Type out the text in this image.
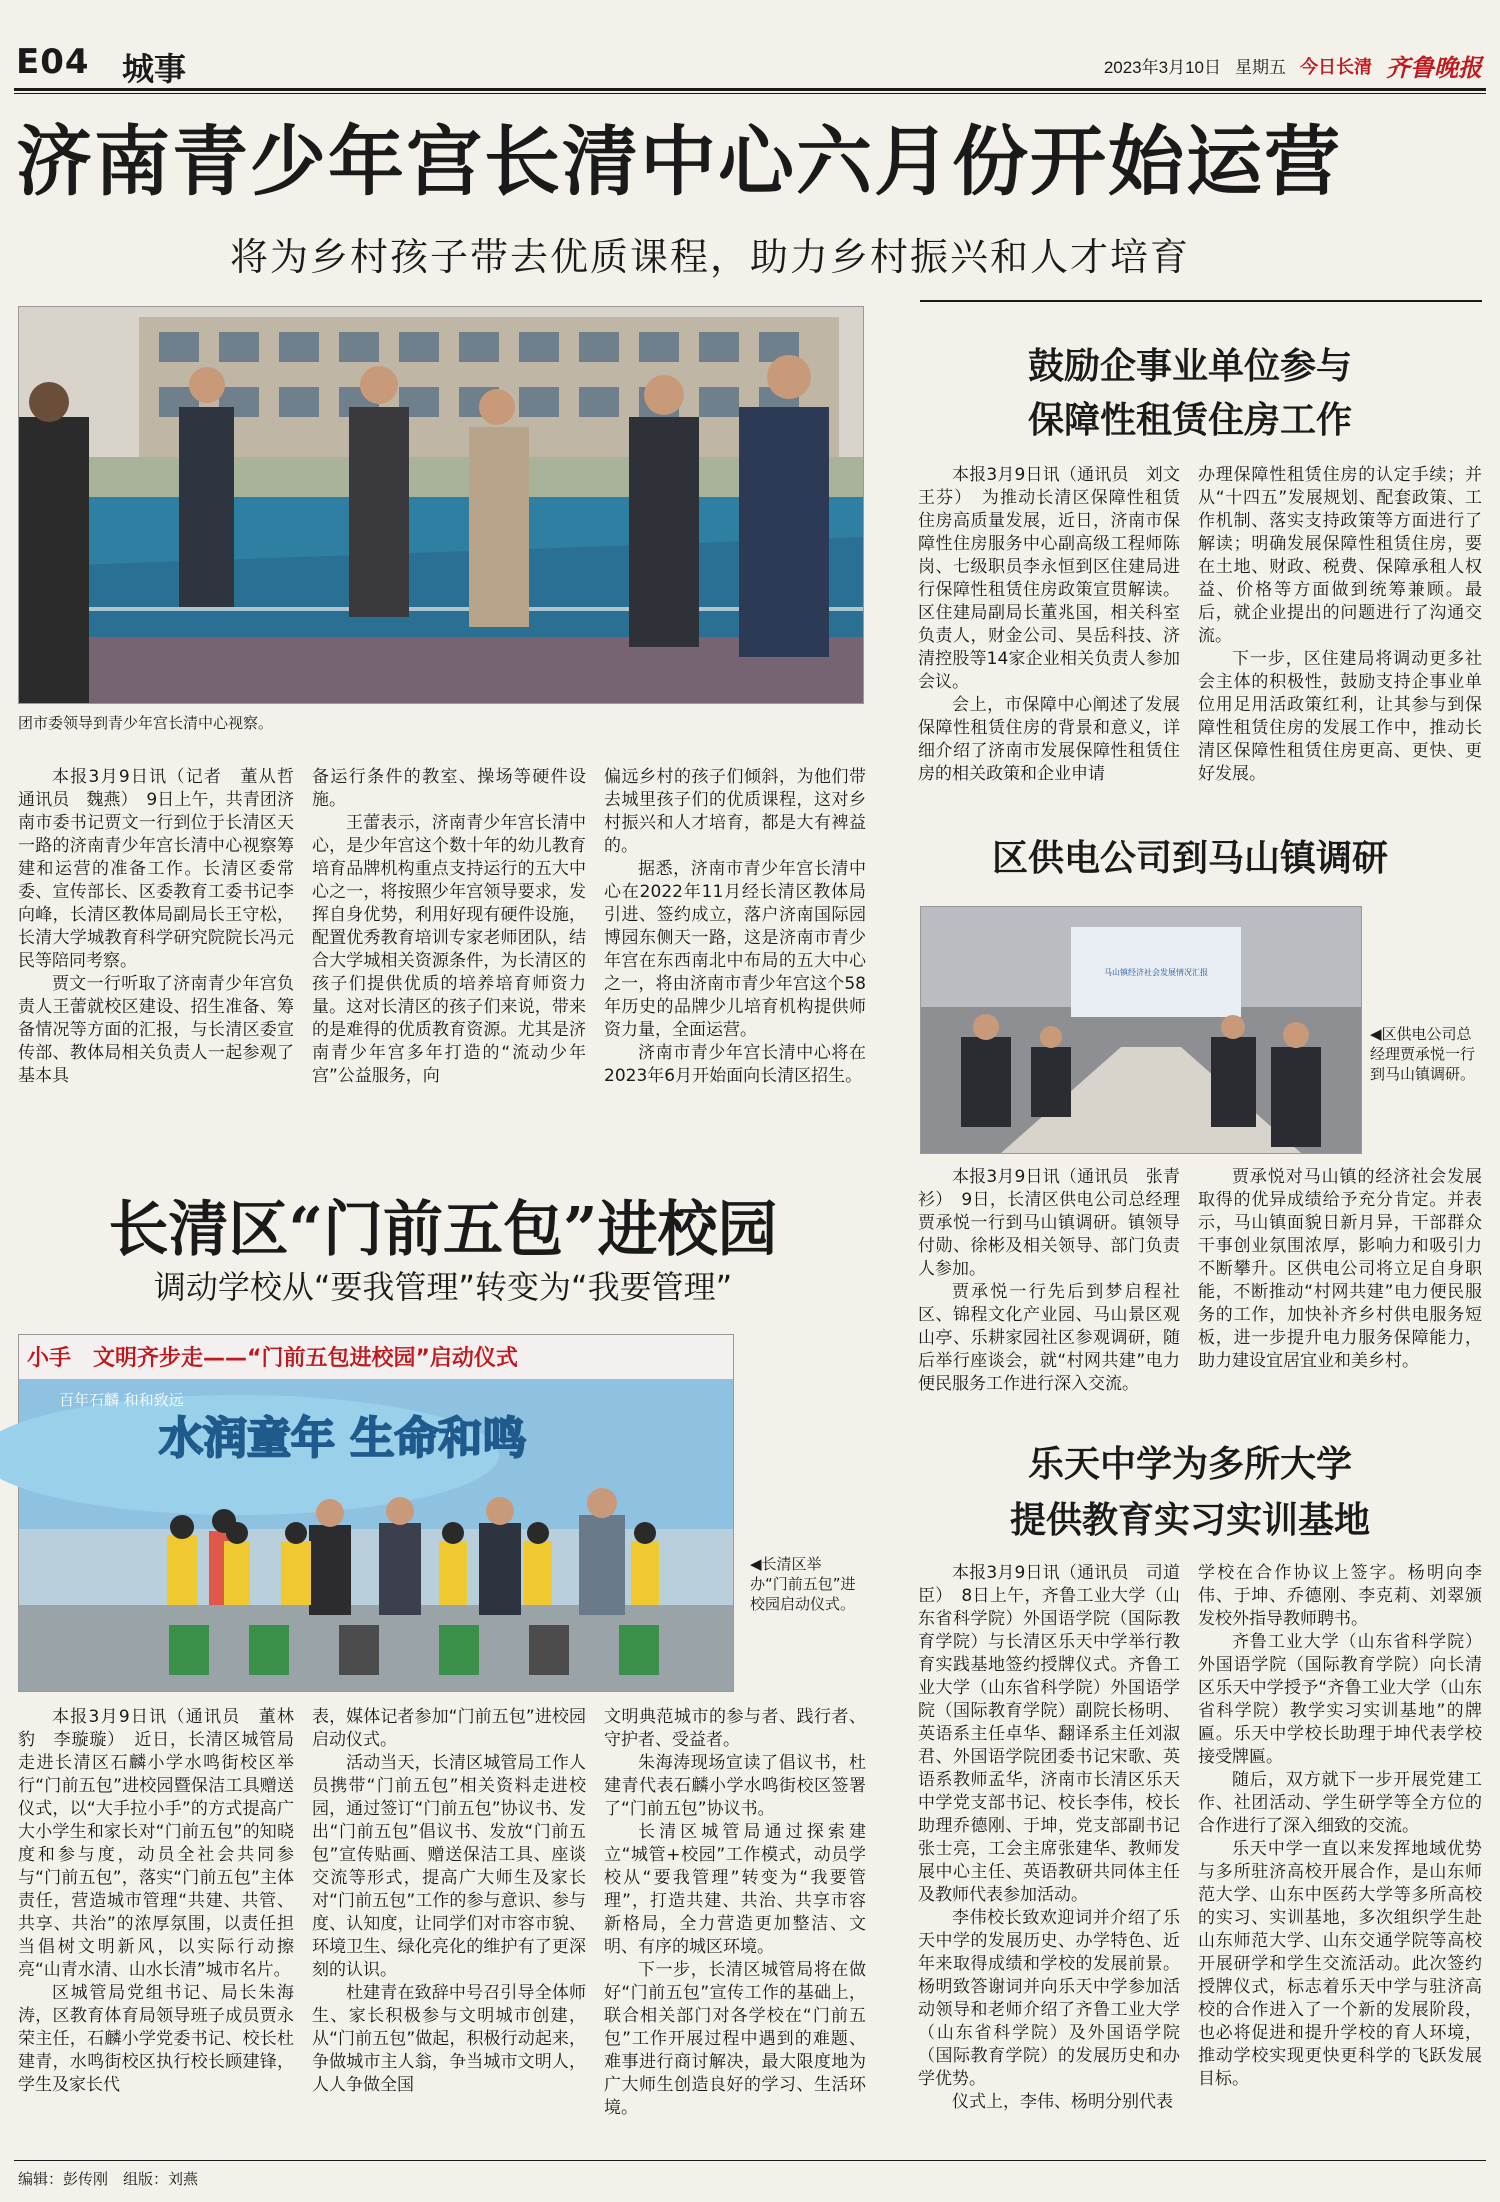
E04 城事	2023年3月10日 星期五 今日长清 齐鲁晚报
济南青少年宫长清中心六月份开始运营
将为乡村孩子带去优质课程，助力乡村振兴和人才培育
团市委领导到青少年宫长清中心视察。

本报3月9日讯（记者　董从哲　通讯员　魏燕）　9日上午，共青团济南市委书记贾文一行到位于长清区天一路的济南青少年宫长清中心视察筹建和运营的准备工作。长清区委常委、宣传部长、区委教育工委书记李向峰，长清区教体局副局长王守松，长清大学城教育科学研究院院长冯元民等陪同考察。

贾文一行听取了济南青少年宫负责人王蕾就校区建设、招生准备、筹备情况等方面的汇报，与长清区委宣传部、教体局相关负责人一起参观了基本具

备运行条件的教室、操场等硬件设施。

王蕾表示，济南青少年宫长清中心，是少年宫这个数十年的幼儿教育培育品牌机构重点支持运行的五大中心之一，将按照少年宫领导要求，发挥自身优势，利用好现有硬件设施，配置优秀教育培训专家老师团队，结合大学城相关资源条件，为长清区的孩子们提供优质的培养培育师资力量。这对长清区的孩子们来说，带来的是难得的优质教育资源。尤其是济南青少年宫多年打造的“流动少年宫”公益服务，向

偏远乡村的孩子们倾斜，为他们带去城里孩子们的优质课程，这对乡村振兴和人才培育，都是大有裨益的。

据悉，济南市青少年宫长清中心在2022年11月经长清区教体局引进、签约成立，落户济南国际园博园东侧天一路，这是济南市青少年宫在东西南北中布局的五大中心之一，将由济南市青少年宫这个58年历史的品牌少儿培育机构提供师资力量，全面运营。

济南市青少年宫长清中心将在2023年6月开始面向长清区招生。

长清区“门前五包”进校园
调动学校从“要我管理”转变为“我要管理”
小手　文明齐步走——“门前五包进校园”启动仪式
水润童年 生命和鸣
百年石麟 和和致远
◀长清区举办“门前五包”进校园启动仪式。

本报3月9日讯（通讯员　董林豹　李璇璇）　近日，长清区城管局走进长清区石麟小学水鸣街校区举行“门前五包”进校园暨保洁工具赠送仪式，以“大手拉小手”的方式提高广大小学生和家长对“门前五包”的知晓度和参与度，动员全社会共同参与“门前五包”，落实“门前五包”主体责任，营造城市管理“共建、共管、共享、共治”的浓厚氛围，以责任担当倡树文明新风，以实际行动擦亮“山青水清、山水长清”城市名片。

区城管局党组书记、局长朱海涛，区教育体育局领导班子成员贾永荣主任，石麟小学党委书记、校长杜建青，水鸣街校区执行校长顾建锋，学生及家长代

表，媒体记者参加“门前五包”进校园启动仪式。

活动当天，长清区城管局工作人员携带“门前五包”相关资料走进校园，通过签订“门前五包”协议书、发出“门前五包”倡议书、发放“门前五包”宣传贴画、赠送保洁工具、座谈交流等形式，提高广大师生及家长对“门前五包”工作的参与意识、参与度、认知度，让同学们对市容市貌、环境卫生、绿化亮化的维护有了更深刻的认识。

杜建青在致辞中号召引导全体师生、家长积极参与文明城市创建，从“门前五包”做起，积极行动起来，争做城市主人翁，争当城市文明人，人人争做全国

文明典范城市的参与者、践行者、守护者、受益者。

朱海涛现场宣读了倡议书，杜建青代表石麟小学水鸣街校区签署了“门前五包”协议书。

长清区城管局通过探索建立“城管+校园”工作模式，动员学校从“要我管理”转变为“我要管理”，打造共建、共治、共享市容新格局，全力营造更加整洁、文明、有序的城区环境。

下一步，长清区城管局将在做好“门前五包”宣传工作的基础上，联合相关部门对各学校在“门前五包”工作开展过程中遇到的难题、难事进行商讨解决，最大限度地为广大师生创造良好的学习、生活环境。

鼓励企事业单位参与
保障性租赁住房工作

本报3月9日讯（通讯员　刘文　王芬）　为推动长清区保障性租赁住房高质量发展，近日，济南市保障性住房服务中心副高级工程师陈岗、七级职员李永恒到区住建局进行保障性租赁住房政策宣贯解读。区住建局副局长董兆国，相关科室负责人，财金公司、昊岳科技、济清控股等14家企业相关负责人参加会议。

会上，市保障中心阐述了发展保障性租赁住房的背景和意义，详细介绍了济南市发展保障性租赁住房的相关政策和企业申请

办理保障性租赁住房的认定手续；并从“十四五”发展规划、配套政策、工作机制、落实支持政策等方面进行了解读；明确发展保障性租赁住房，要在土地、财政、税费、保障承租人权益、价格等方面做到统筹兼顾。最后，就企业提出的问题进行了沟通交流。

下一步，区住建局将调动更多社会主体的积极性，鼓励支持企事业单位用足用活政策红利，让其参与到保障性租赁住房的发展工作中，推动长清区保障性租赁住房更高、更快、更好发展。

区供电公司到马山镇调研
马山镇经济社会发展情况汇报
◀区供电公司总经理贾承悦一行到马山镇调研。

本报3月9日讯（通讯员　张青衫）　9日，长清区供电公司总经理贾承悦一行到马山镇调研。镇领导付勋、徐彬及相关领导、部门负责人参加。

贾承悦一行先后到梦启程社区、锦程文化产业园、马山景区观山亭、乐耕家园社区参观调研，随后举行座谈会，就“村网共建”电力便民服务工作进行深入交流。

贾承悦对马山镇的经济社会发展取得的优异成绩给予充分肯定。并表示，马山镇面貌日新月异，干部群众干事创业氛围浓厚，影响力和吸引力不断攀升。区供电公司将立足自身职能，不断推动“村网共建”电力便民服务的工作，加快补齐乡村供电服务短板，进一步提升电力服务保障能力，助力建设宜居宜业和美乡村。

乐天中学为多所大学
提供教育实习实训基地

本报3月9日讯（通讯员　司道臣）　8日上午，齐鲁工业大学（山东省科学院）外国语学院（国际教育学院）与长清区乐天中学举行教育实践基地签约授牌仪式。齐鲁工业大学（山东省科学院）外国语学院（国际教育学院）副院长杨明、英语系主任卓华、翻译系主任刘淑君、外国语学院团委书记宋歌、英语系教师孟华，济南市长清区乐天中学党支部书记、校长李伟，校长助理乔德刚、于坤，党支部副书记张士亮，工会主席张建华、教师发展中心主任、英语教研共同体主任及教师代表参加活动。

李伟校长致欢迎词并介绍了乐天中学的发展历史、办学特色、近年来取得成绩和学校的发展前景。杨明致答谢词并向乐天中学参加活动领导和老师介绍了齐鲁工业大学（山东省科学院）及外国语学院（国际教育学院）的发展历史和办学优势。

仪式上，李伟、杨明分别代表

学校在合作协议上签字。杨明向李伟、于坤、乔德刚、李克莉、刘翠颁发校外指导教师聘书。

齐鲁工业大学（山东省科学院）外国语学院（国际教育学院）向长清区乐天中学授予“齐鲁工业大学（山东省科学院）教学实习实训基地”的牌匾。乐天中学校长助理于坤代表学校接受牌匾。

随后，双方就下一步开展党建工作、社团活动、学生研学等全方位的合作进行了深入细致的交流。

乐天中学一直以来发挥地域优势与多所驻济高校开展合作，是山东师范大学、山东中医药大学等多所高校的实习、实训基地，多次组织学生赴山东师范大学、山东交通学院等高校开展研学和学生交流活动。此次签约授牌仪式，标志着乐天中学与驻济高校的合作进入了一个新的发展阶段，也必将促进和提升学校的育人环境，推动学校实现更快更科学的飞跃发展目标。

编辑：彭传刚　组版：刘燕
